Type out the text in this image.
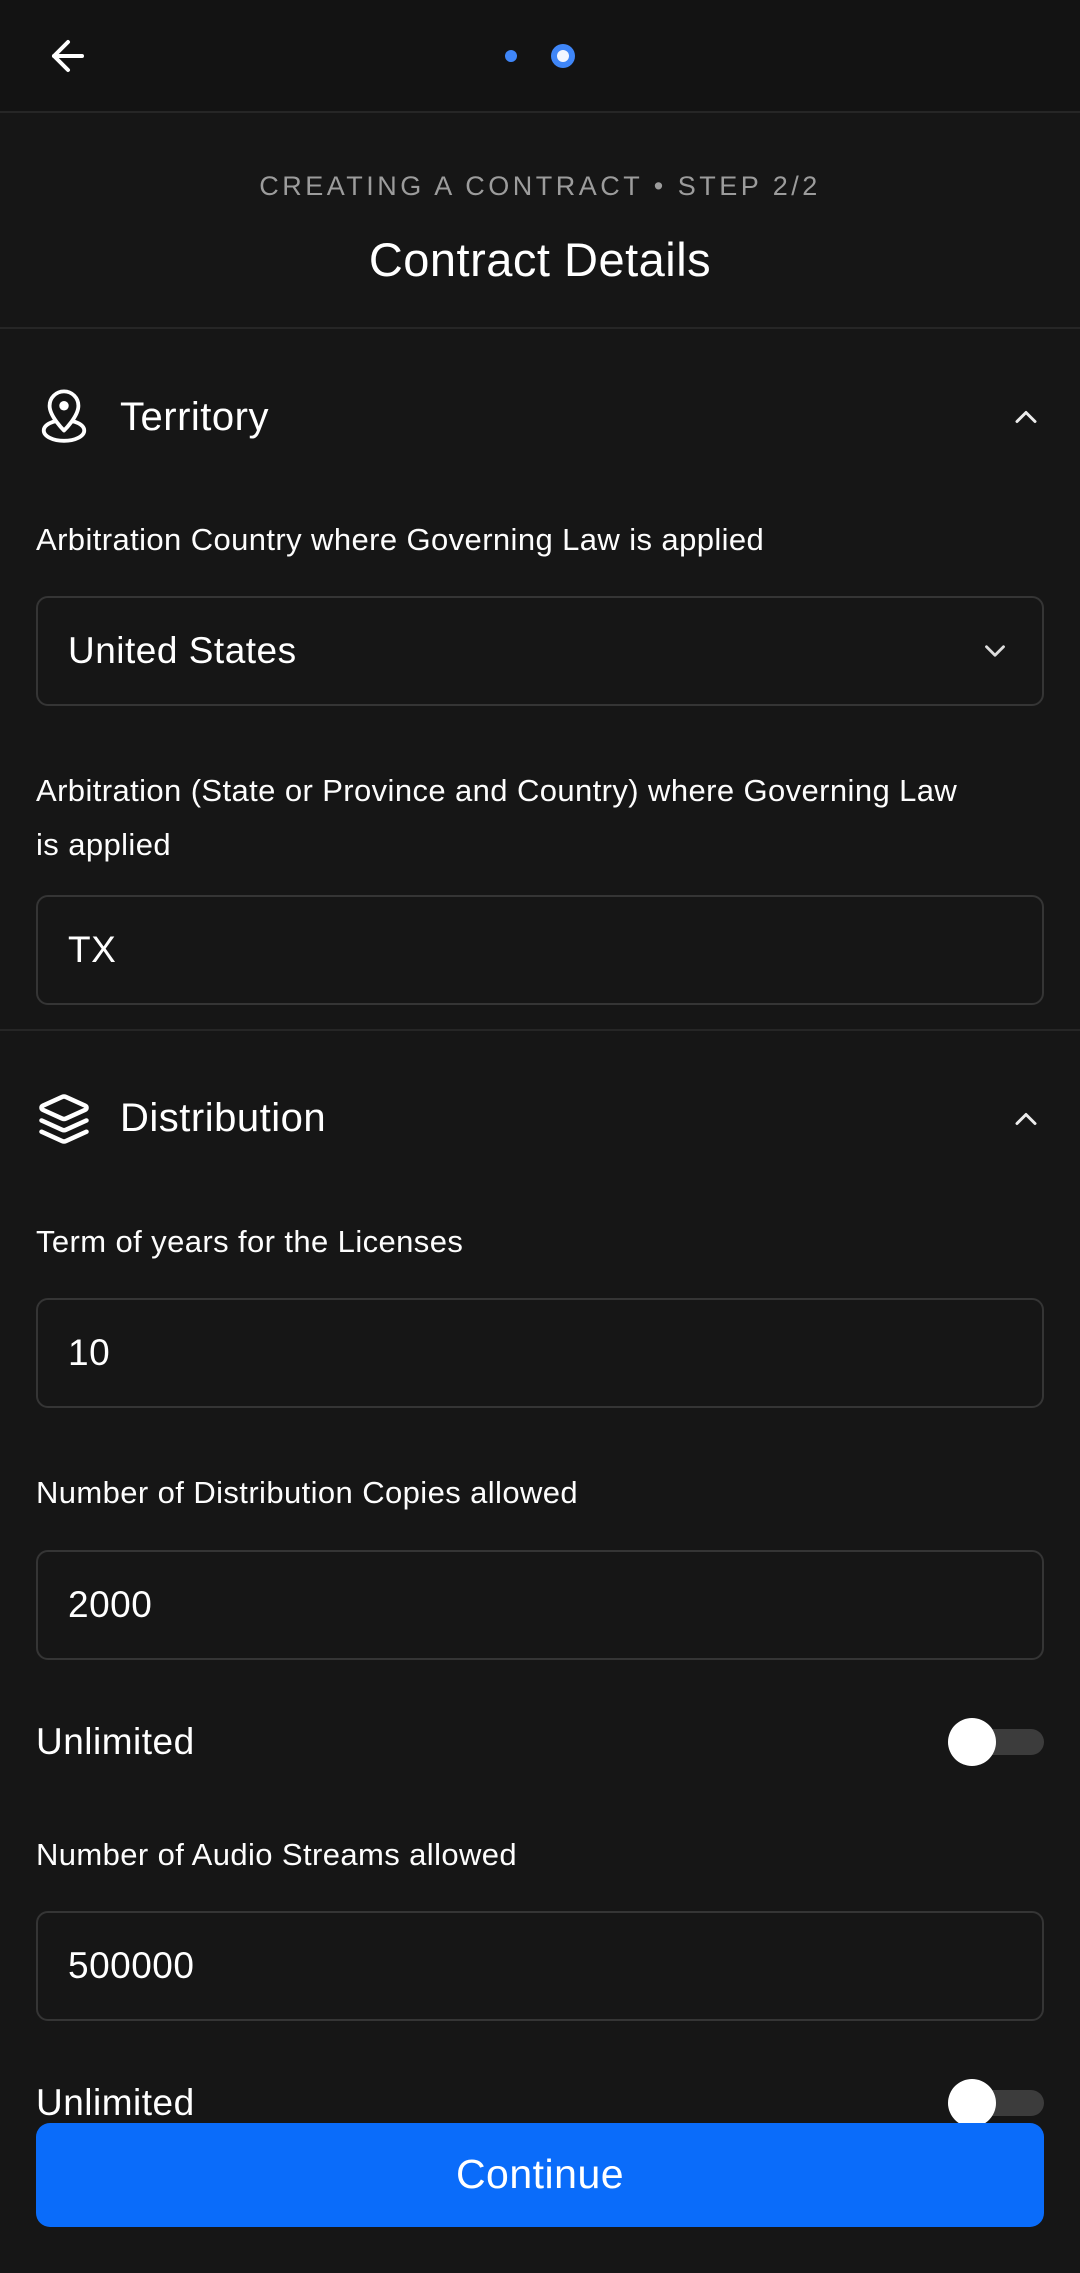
CREATING A CONTRACT • STEP 2/2
Contract Details
Territory
Arbitration Country where Governing Law is applied
United States
Arbitration (State or Province and Country) where Governing Law is applied
TX
Distribution
Term of years for the Licenses
10
Number of Distribution Copies allowed
2000
Unlimited
Number of Audio Streams allowed
500000
Unlimited
Continue
